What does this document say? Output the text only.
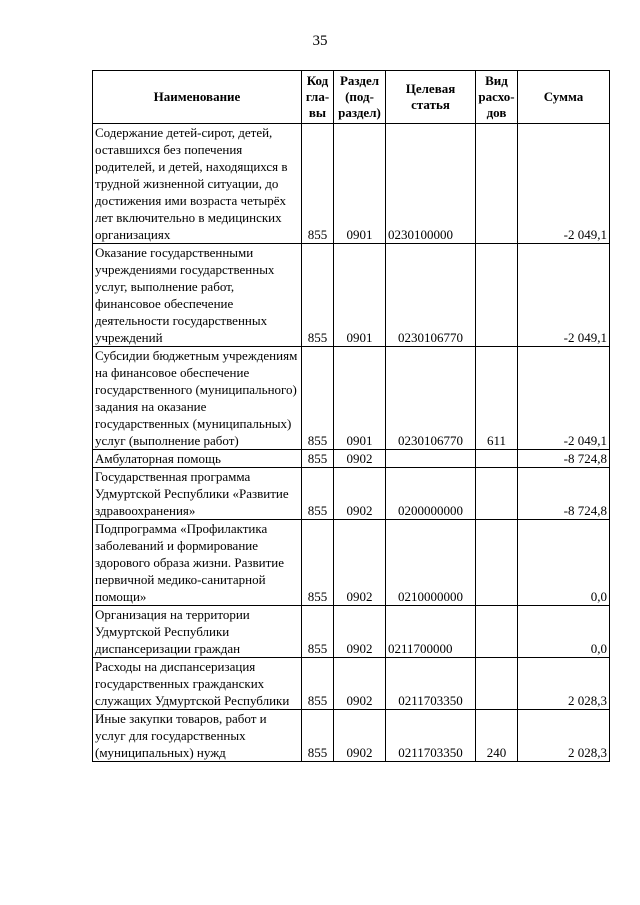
35
Наименование	Код гла-вы	Раздел (под-раздел)	Целевая статья	Вид расхо-дов	Сумма
Содержание детей-сирот, детей, оставшихся без попечения родителей, и детей, находящихся в трудной жизненной ситуации, до достижения ими возраста четырёх лет включительно в медицинских организациях	855	0901	0230100000		-2 049,1
Оказание государственными учреждениями государственных услуг, выполнение работ, финансовое обеспечение деятельности государственных учреждений	855	0901	0230106770		-2 049,1
Субсидии бюджетным учреждениям на финансовое обеспечение государственного (муниципального) задания на оказание государственных (муниципальных) услуг (выполнение работ)	855	0901	0230106770	611	-2 049,1
Амбулаторная помощь	855	0902			-8 724,8
Государственная программа Удмуртской Республики «Развитие здравоохранения»	855	0902	0200000000		-8 724,8
Подпрограмма «Профилактика заболеваний и формирование здорового образа жизни. Развитие первичной медико-санитарной помощи»	855	0902	0210000000		0,0
Организация на территории Удмуртской Республики диспансеризации граждан	855	0902	0211700000		0,0
Расходы на диспансеризация государственных гражданских служащих Удмуртской Республики	855	0902	0211703350		2 028,3
Иные закупки товаров, работ и услуг для государственных (муниципальных) нужд	855	0902	0211703350	240	2 028,3
